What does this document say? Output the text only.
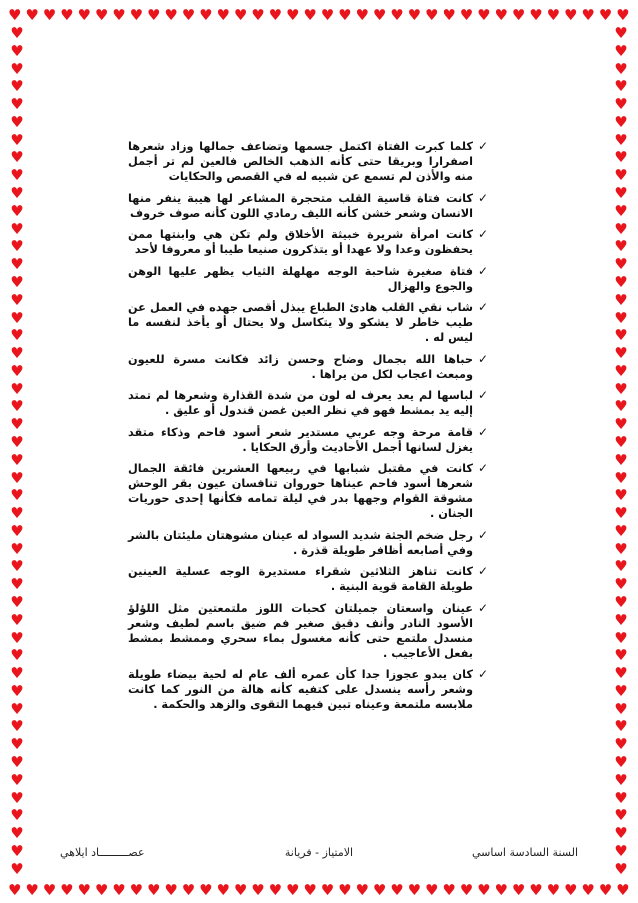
♥ ♥ ♥ ♥ ♥ ♥ ♥ ♥ ♥ ♥ ♥ ♥ ♥ ♥ ♥ ♥ ♥ ♥ ♥ ♥ ♥ ♥ ♥ ♥ ♥ ♥ ♥ ♥ ♥ ♥ ♥ ♥ ♥ ♥ ♥ ♥
♥ ♥ ♥ ♥ ♥ ♥ ♥ ♥ ♥ ♥ ♥ ♥ ♥ ♥ ♥ ♥ ♥ ♥ ♥ ♥ ♥ ♥ ♥ ♥ ♥ ♥ ♥ ♥ ♥ ♥ ♥ ♥ ♥ ♥ ♥ ♥
♥
♥
♥
♥
♥
♥
♥
♥
♥
♥
♥
♥
♥
♥
♥
♥
♥
♥
♥
♥
♥
♥
♥
♥
♥
♥
♥
♥
♥
♥
♥
♥
♥
♥
♥
♥
♥
♥
♥
♥
♥
♥
♥
♥
♥
♥
♥
♥
♥
♥
♥
♥
♥
♥
♥
♥
♥
♥
♥
♥
♥
♥
♥
♥
♥
♥
♥
♥
♥
♥
♥
♥
♥
♥
♥
♥
♥
♥
♥
♥
♥
♥
♥
♥
♥
♥
♥
♥
♥
♥
♥
♥
♥
♥
♥
♥
✓
كلما كبرت الفتاة اكتمل جسمها وتضاعف جمالها وزاد شعرها اصفرارا وبريقا حتى كأنه الذهب الخالص فالعين لم تر أجمل منه والأذن لم تسمع عن شبيه له في القصص والحكايات
✓
كانت فتاة قاسية القلب متحجرة المشاعر لها هيبة ينفر منها الانسان وشعر خشن كأنه الليف رمادي اللون كأنه صوف خروف
✓
كانت امرأة شريرة خبيثة الأخلاق ولم تكن هي وابنتها ممن يحفظون وعدا ولا عهدا أو يتذكرون صنيعا طيبا أو معروفا لأحد
✓
فتاة صغيرة شاحبة الوجه مهلهلة الثياب يظهر عليها الوهن والجوع والهزال
✓
شاب نقي القلب هادئ الطباع يبذل أقصى جهده في العمل عن طيب خاطر لا يشكو ولا يتكاسل ولا يحتال أو يأخذ لنفسه ما ليس له .
✓
حباها الله بجمال وضاح وحسن زائد فكانت مسرة للعيون ومبعث اعجاب لكل من يراها .
✓
لباسها لم يعد يعرف له لون من شدة القذارة وشعرها لم تمتد إليه يد بمشط فهو في نظر العين غصن قندول أو عليق .
✓
قامة مرحة وجه عربي مستدير شعر أسود فاحم وذكاء متقد يغزل لسانها أجمل الأحاديث وأرق الحكايا .
✓
كانت في مقتبل شبابها في ربيعها العشرين فائقة الجمال شعرها أسود فاحم عيناها حوروان تنافسان عيون بقر الوحش مشوقة القوام وجهها بدر في ليلة تمامه فكأنها إحدى حوريات الجنان .
✓
رجل ضخم الجثة شديد السواد له عينان مشوهتان مليئتان بالشر وفي أصابعه أظافر طويلة قذرة .
✓
كانت تناهز الثلاثين شقراء مستديرة الوجه عسلية العينين طويلة القامة قوية البنية .
✓
عينان واسعتان جميلتان كحبات اللوز ملتمعتين مثل اللؤلؤ الأسود النادر وأنف دقيق صغير فم ضيق باسم لطيف وشعر منسدل ملتمع حتى كأنه مغسول بماء سحري وممشط بمشط بفعل الأعاجيب .
✓
كان يبدو عجوزا جدا كأن عمره ألف عام له لحية بيضاء طويلة وشعر رأسه ينسدل على كتفيه كأنه هالة من النور كما كانت ملابسه ملتمعة وعيناه تبين فيهما التقوى والزهد والحكمة .
السنة السادسة اساسي
الامتياز - فريانة
عصـــــــــاد ايلاهي
